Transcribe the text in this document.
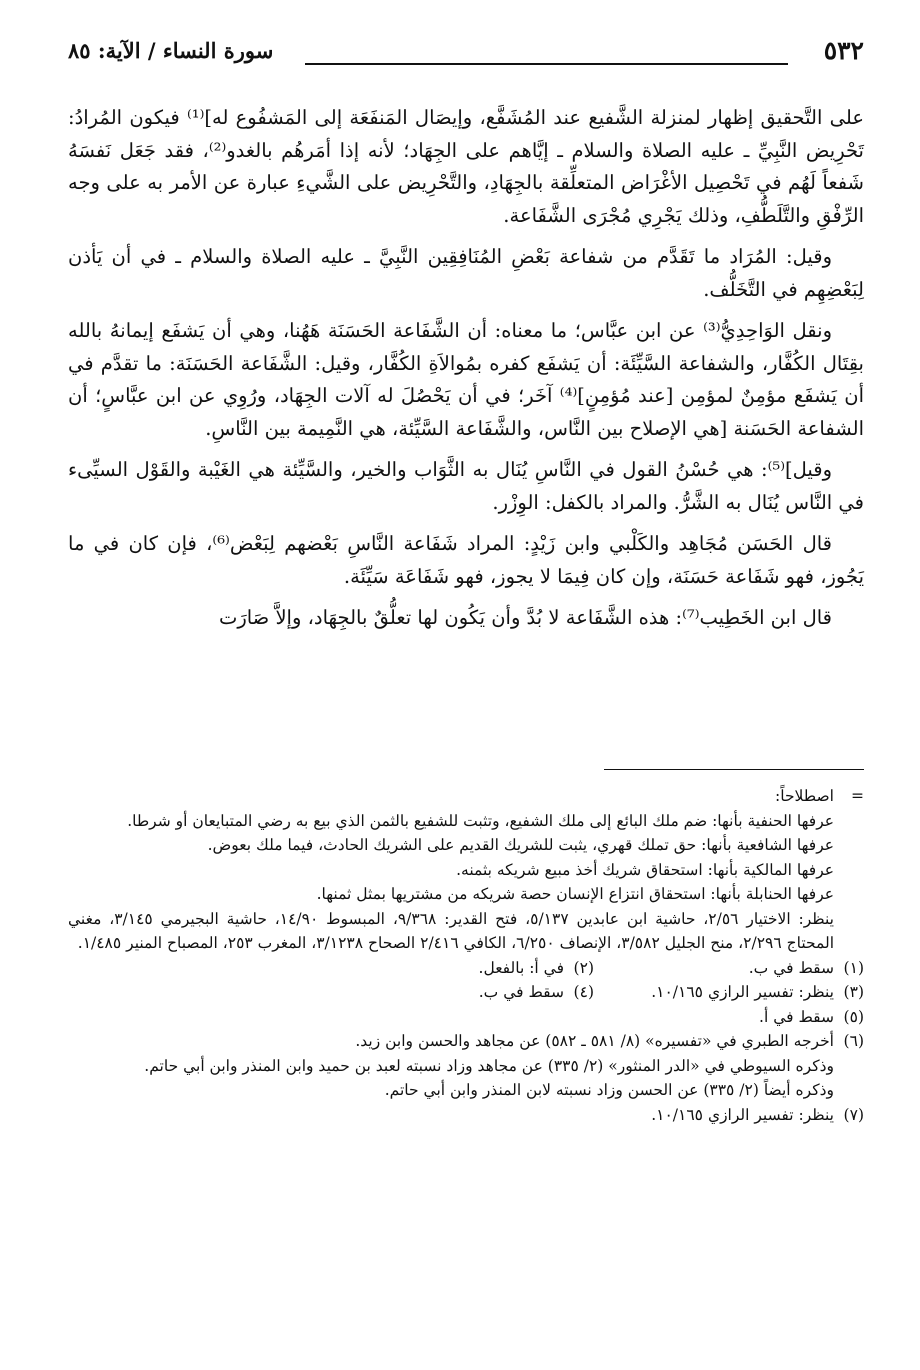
٥٣٢
سورة النساء / الآية: ٨٥

على التَّحقيق إظهار لمنزلة الشَّفيع عند المُشَفَّع، وإيصَال المَنفَعَة إلى المَشفُوع له]⁽¹⁾ فيكون المُرادُ: تَحْرِيض النَّبِيِّ ـ عليه الصلاة والسلام ـ إيَّاهم على الجِهَاد؛ لأنه إذا أمَرهُم بالغدو⁽²⁾، فقد جَعَل نَفسَهُ شَفعاً لَهُم في تَحْصِيل الأغْرَاض المتعلِّقة بالجِهَادِ، والتَّحْرِيض على الشَّيءِ عبارة عن الأمر به على وجه الرِّفْقِ والتَّلَطُّفِ، وذلك يَجْرِي مُجْرَى الشَّفَاعة.

وقيل: المُرَاد ما تَقَدَّم من شفاعة بَعْضِ المُنَافِقِين النَّبِيَّ ـ عليه الصلاة والسلام ـ في أن يَأذن لِبَعْضِهِم في التَّخَلُّف.

ونقل الوَاحِدِيُّ⁽³⁾ عن ابن عبَّاس؛ ما معناه: أن الشَّفَاعة الحَسَنَة هَهُنا، وهي أن يَشفَع إيمانهُ بالله بقِتَال الكُفَّار، والشفاعة السَّيِّئَة: أن يَشفَع كفره بمُوالاَةِ الكُفَّار، وقيل: الشَّفَاعة الحَسَنَة: ما تقدَّم في أن يَشفَع مؤمِنٌ لمؤمِن [عند مُؤمِنٍ]⁽⁴⁾ آخَر؛ في أن يَحْصُلَ له آلات الجِهَاد، ورُوِي عن ابن عبَّاسٍ؛ أن الشفاعة الحَسَنة [هي الإصلاح بين النَّاس، والشَّفَاعة السَّيِّئة، هي النَّمِيمة بين النَّاسِ.

وقيل]⁽⁵⁾: هي حُسْنُ القول في النَّاسِ يُنَال به الثَّوَاب والخير، والسَّيِّئة هي الغَيْبة والقَوْل السيِّىء في النَّاس يُنَال به الشَّرُّ. والمراد بالكفل: الوِزْر.

قال الحَسَن مُجَاهِد والكَلْبي وابن زَيْدٍ: المراد شَفَاعة النَّاسِ بَعْضهم لِبَعْض⁽⁶⁾، فإن كان في ما يَجُوز، فهو شَفَاعة حَسَنَة، وإن كان فِيمَا لا يجوز، فهو شَفَاعَة سَيِّئَة.

قال ابن الخَطِيب⁽⁷⁾: هذه الشَّفَاعة لا بُدَّ وأن يَكُون لها تعلُّقٌ بالجِهَاد، وإلاَّ صَارَت

=
اصطلاحاً:

عرفها الحنفية بأنها: ضم ملك البائع إلى ملك الشفيع، وتثبت للشفيع بالثمن الذي بيع به رضي المتبايعان أو شرطا.

عرفها الشافعية بأنها: حق تملك قهري، يثبت للشريك القديم على الشريك الحادث، فيما ملك بعوض.

عرفها المالكية بأنها: استحقاق شريك أخذ مبيع شريكه بثمنه.

عرفها الحنابلة بأنها: استحقاق انتزاع الإنسان حصة شريكه من مشتريها بمثل ثمنها.

ينظر: الاختيار ٢/٥٦، حاشية ابن عابدين ٥/١٣٧، فتح القدير: ٩/٣٦٨، المبسوط ١٤/٩٠، حاشية البجيرمي ٣/١٤٥، مغني المحتاج ٢/٢٩٦، منح الجليل ٣/٥٨٢، الإنصاف ٦/٢٥٠، الكافي ٢/٤١٦ الصحاح ٣/١٢٣٨، المغرب ٢٥٣، المصباح المنير ١/٤٨٥.

(١)
سقط في ب.
(٢)
في أ: بالفعل.
(٣)
ينظر: تفسير الرازي ١٠/١٦٥.
(٤)
سقط في ب.
(٥)
سقط في أ.
(٦)
أخرجه الطبري في «تفسيره» (٨/ ٥٨١ ـ ٥٨٢) عن مجاهد والحسن وابن زيد.

وذكره السيوطي في «الدر المنثور» (٢/ ٣٣٥) عن مجاهد وزاد نسبته لعبد بن حميد وابن المنذر وابن أبي حاتم.

وذكره أيضاً (٢/ ٣٣٥) عن الحسن وزاد نسبته لابن المنذر وابن أبي حاتم.

(٧)
ينظر: تفسير الرازي ١٠/١٦٥.
